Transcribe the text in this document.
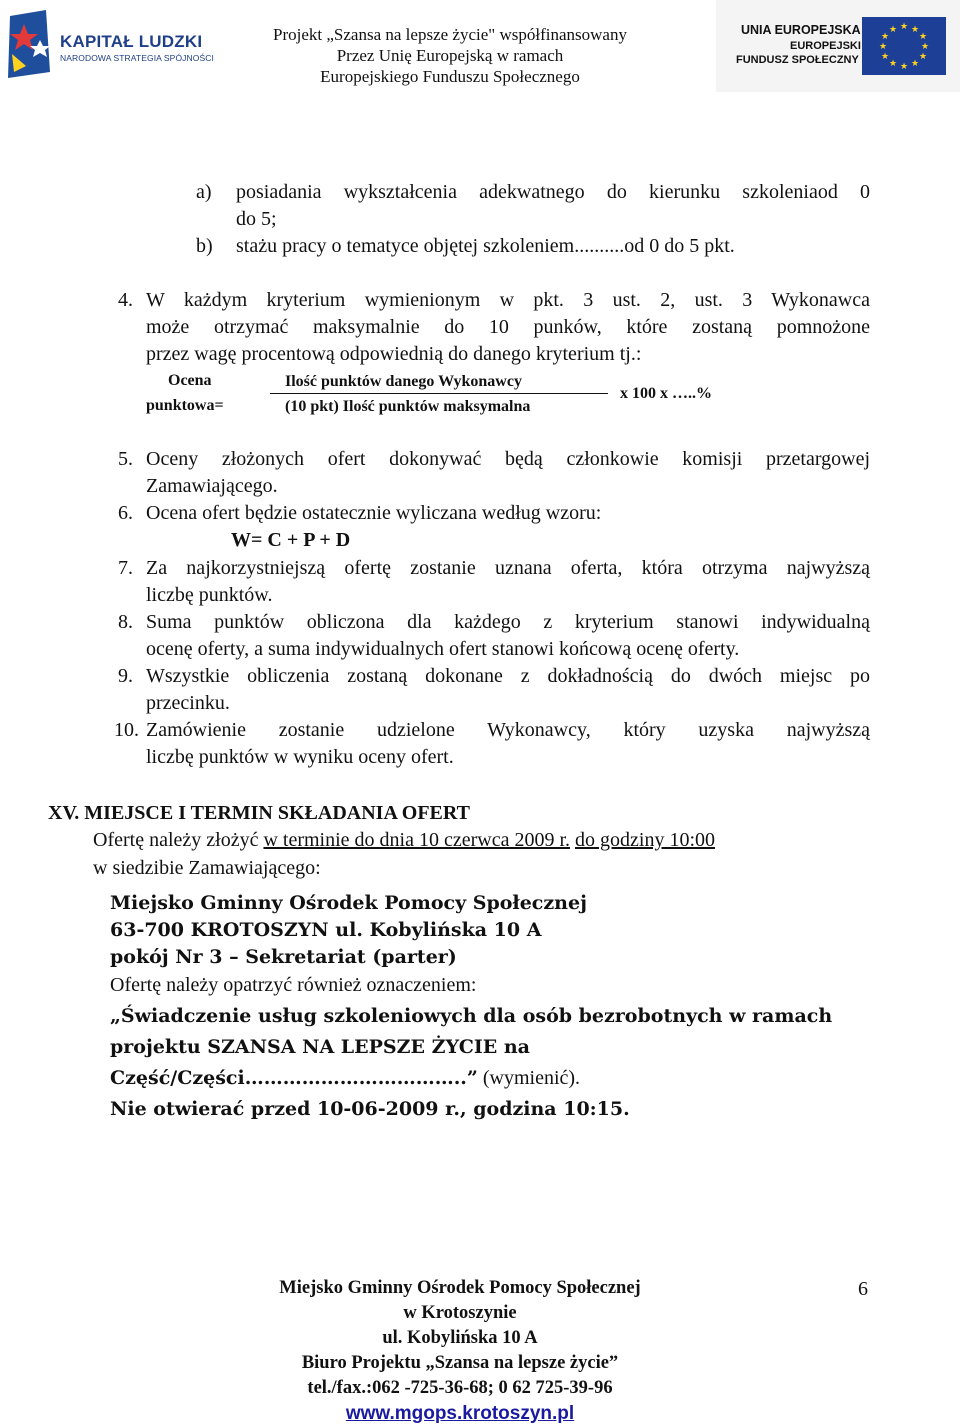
KAPITAŁ LUDZKI
NARODOWA STRATEGIA SPÓJNOŚCI
Projekt „Szansa na lepsze życie" współfinansowany
Przez Unię Europejską w ramach
Europejskiego Funduszu Społecznego
UNIA EUROPEJSKA
EUROPEJSKI
FUNDUSZ SPOŁECZNY
★ ★
★
★
★
★
★
★
★
★
★
★
a) posiadania wykształcenia adekwatnego do kierunku szkoleniaod 0
do 5;
b) stażu pracy o tematyce objętej szkoleniem..........od 0 do 5 pkt.
4. W każdym kryterium wymienionym w pkt. 3 ust. 2, ust. 3 Wykonawca
może otrzymać maksymalnie do 10 punków, które zostaną pomnożone
przez wagę procentową odpowiednią do danego kryterium tj.:
Ocena
punktowa=
Ilość punktów danego Wykonawcy
(10 pkt) Ilość punktów maksymalna
x 100 x …..%
5. Oceny złożonych ofert dokonywać będą członkowie komisji przetargowej
Zamawiającego.
6. Ocena ofert będzie ostatecznie wyliczana według wzoru:
W= C + P + D
7. Za najkorzystniejszą ofertę zostanie uznana oferta, która otrzyma najwyższą
liczbę punktów.
8. Suma punktów obliczona dla każdego z kryterium stanowi indywidualną
ocenę oferty, a suma indywidualnych ofert stanowi końcową ocenę oferty.
9. Wszystkie obliczenia zostaną dokonane z dokładnością do dwóch miejsc po
przecinku.
10. Zamówienie zostanie udzielone Wykonawcy, który uzyska najwyższą
liczbę punktów w wyniku oceny ofert.
XV. MIEJSCE I TERMIN SKŁADANIA OFERT
Ofertę należy złożyć w terminie do dnia 10 czerwca 2009 r. do godziny 10:00
w siedzibie Zamawiającego:
Miejsko Gminny Ośrodek Pomocy Społecznej
63-700 KROTOSZYN ul. Kobylińska 10 A
pokój Nr 3 – Sekretariat (parter)
Ofertę należy opatrzyć również oznaczeniem:
„Świadczenie usług szkoleniowych dla osób bezrobotnych w ramach
projektu SZANSA NA LEPSZE ŻYCIE na
Część/Części……………………………..” (wymienić).
Nie otwierać przed 10-06-2009 r., godzina 10:15.
Miejsko Gminny Ośrodek Pomocy Społecznej
w Krotoszynie
ul. Kobylińska 10 A
Biuro Projektu „Szansa na lepsze życie”
tel./fax.:062 -725-36-68; 0 62 725-39-96
www.mgops.krotoszyn.pl
6
